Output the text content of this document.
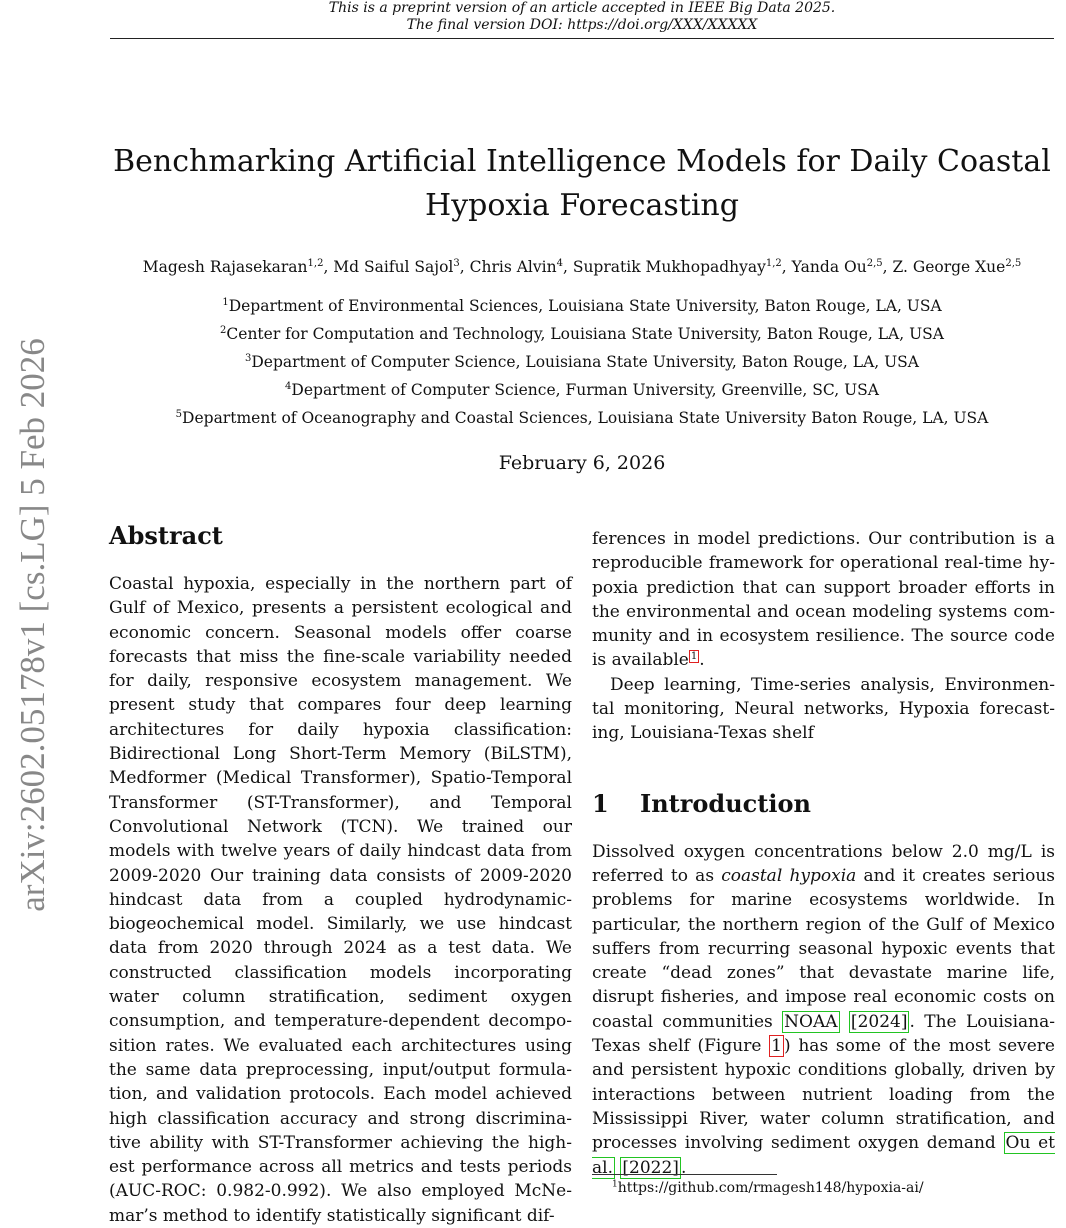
This is a preprint version of an article accepted in IEEE Big Data 2025.
The final version DOI: https://doi.org/XXX/XXXXX
arXiv:2602.05178v1 [cs.LG] 5 Feb 2026
Benchmarking Artificial Intelligence Models for Daily Coastal
Hypoxia Forecasting
Magesh Rajasekaran$^{1,2}$, Md Saiful Sajol$^3$, Chris Alvin$^4$, Supratik Mukhopadhyay$^{1,2}$, Yanda Ou$^{2,5}$, Z. George Xue$^{2,5}$
$^1$Department of Environmental Sciences, Louisiana State University, Baton Rouge, LA, USA
$^2$Center for Computation and Technology, Louisiana State University, Baton Rouge, LA, USA
$^3$Department of Computer Science, Louisiana State University, Baton Rouge, LA, USA
$^4$Department of Computer Science, Furman University, Greenville, SC, USA
$^5$Department of Oceanography and Coastal Sciences, Louisiana State University Baton Rouge, LA, USA
February 6, 2026
Abstract

Coastal hypoxia, especially in the northern part of Gulf of Mexico, presents a persistent ecological and economic concern. Seasonal models offer coarse forecasts that miss the fine-scale variability needed for daily, responsive ecosystem management. We present study that compares four deep learning architectures for daily hypoxia classification: Bidirectional Long Short-Term Memory (BiLSTM), Medformer (Medical Transformer), Spatio-Temporal Transformer (ST-Transformer), and Temporal Convolutional Network (TCN). We trained our models with twelve years of daily hindcast data from 2009-2020 Our training data consists of 2009-2020 hindcast data from a coupled hydrodynamic-biogeochemical model. Similarly, we use hindcast data from 2020 through 2024 as a test data. We constructed classification models incorporating water column stratification, sediment oxygen consumption, and temperature-dependent decomposition rates. We evaluated each architectures using the same data preprocessing, input/output formulation, and validation protocols. Each model achieved high classification accuracy and strong discriminative ability with ST-Transformer achieving the highest performance across all metrics and tests periods (AUC-ROC: 0.982-0.992). We also employed McNemar’s method to identify statistically significant dif-

ferences in model predictions. Our contribution is a reproducible framework for operational real-time hypoxia prediction that can support broader efforts in the environmental and ocean modeling systems community and in ecosystem resilience. The source code is available $^1$ .

Deep learning, Time-series analysis, Environmental monitoring, Neural networks, Hypoxia forecasting, Louisiana-Texas shelf

1 Introduction

Dissolved oxygen concentrations below 2.0 mg/L is referred to as coastal hypoxia and it creates serious problems for marine ecosystems worldwide. In particular, the northern region of the Gulf of Mexico suffers from recurring seasonal hypoxic events that create “dead zones” that devastate marine life, disrupt fisheries, and impose real economic costs on coastal communities NOAA [2024] . The Louisiana-Texas shelf (Figure 1 ) has some of the most severe and persistent hypoxic conditions globally, driven by interactions between nutrient loading from the Mississippi River, water column stratification, and processes involving sediment oxygen demand Ou et al. [2022] .

$^1$https://github.com/rmagesh148/hypoxia-ai/
